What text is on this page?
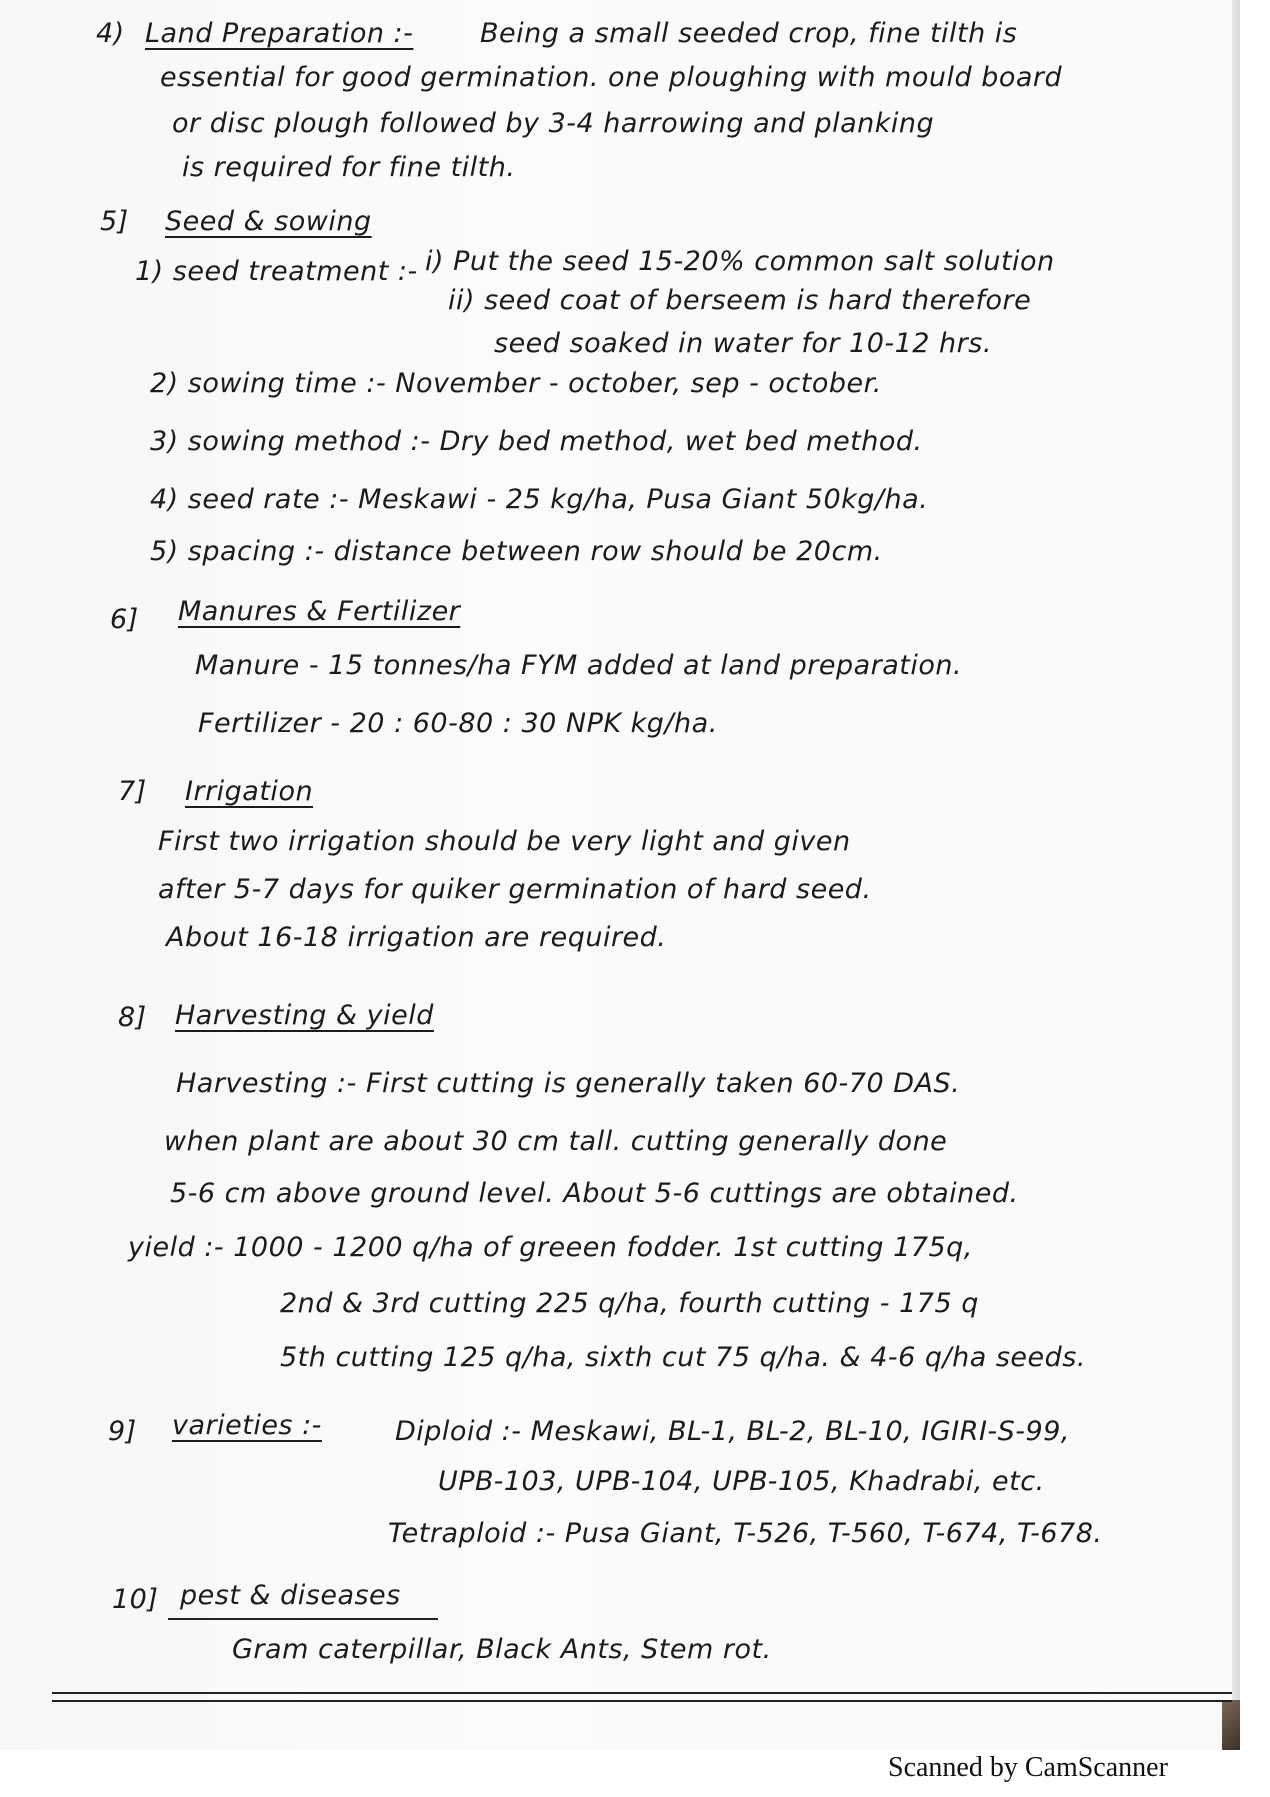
4) Land Preparation :- Being a small seeded crop, fine tilth is
essential for good germination. one ploughing with mould board
or disc plough followed by 3-4 harrowing and planking
is required for fine tilth.
5] Seed & sowing
1) seed treatment :- i) Put the seed 15-20% common salt solution
ii) seed coat of berseem is hard therefore
seed soaked in water for 10-12 hrs.
2) sowing time :- November - october, sep - october.
3) sowing method :- Dry bed method, wet bed method.
4) seed rate :- Meskawi - 25 kg/ha, Pusa Giant 50kg/ha.
5) spacing :- distance between row should be 20cm.
6] Manures & Fertilizer
Manure - 15 tonnes/ha FYM added at land preparation.
Fertilizer - 20 : 60-80 : 30 NPK kg/ha.
7] Irrigation
First two irrigation should be very light and given
after 5-7 days for quiker germination of hard seed.
About 16-18 irrigation are required.
8] Harvesting & yield
Harvesting :- First cutting is generally taken 60-70 DAS.
when plant are about 30 cm tall. cutting generally done
5-6 cm above ground level. About 5-6 cuttings are obtained.
yield :- 1000 - 1200 q/ha of greeen fodder. 1st cutting 175q,
2nd & 3rd cutting 225 q/ha, fourth cutting - 175 q
5th cutting 125 q/ha, sixth cut 75 q/ha. & 4-6 q/ha seeds.
9] varieties :-	Diploid :- Meskawi, BL-1, BL-2, BL-10, IGIRI-S-99,
UPB-103, UPB-104, UPB-105, Khadrabi, etc.
Tetraploid :- Pusa Giant, T-526, T-560, T-674, T-678.
10] pest & diseases
Gram caterpillar, Black Ants, Stem rot.
Scanned by CamScanner
